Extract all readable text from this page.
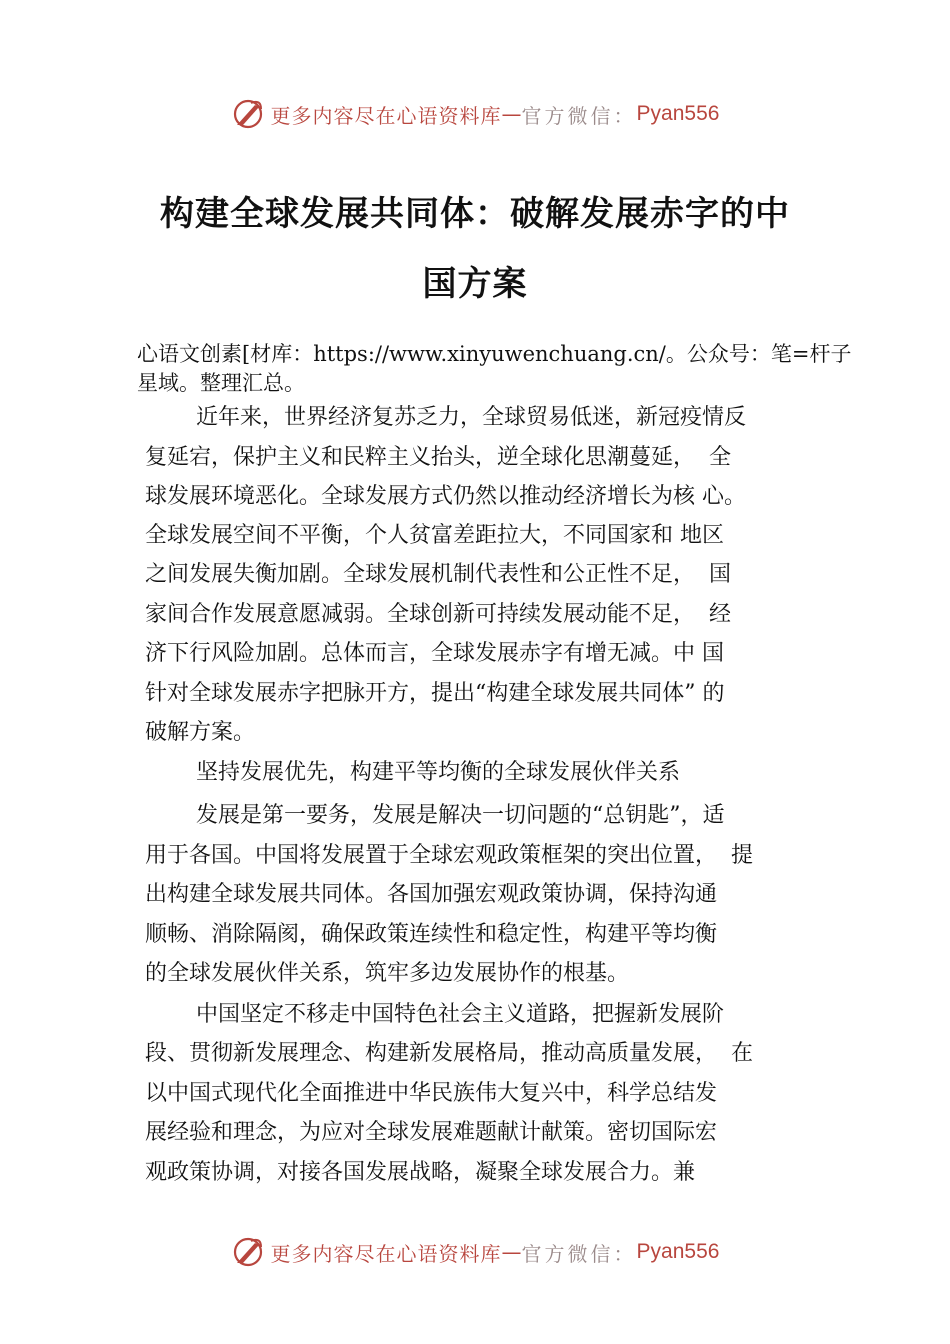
更多内容尽在心语资料库 — 官方微信： Pyan556
构建全球发展共同体：破解发展赤字的中
国方案
心语文创素[材库：https://www.xinyuwenchuang.cn/。公众号：笔=杆子星域。整理汇总。
近年来，世界经济复苏乏力，全球贸易低迷，新冠疫情反
复延宕，保护主义和民粹主义抬头，逆全球化思潮蔓延，  全
球发展环境恶化。全球发展方式仍然以推动经济增长为核 心。
全球发展空间不平衡，个人贫富差距拉大，不同国家和 地区
之间发展失衡加剧。全球发展机制代表性和公正性不足，  国
家间合作发展意愿减弱。全球创新可持续发展动能不足，  经
济下行风险加剧。总体而言，全球发展赤字有增无减。中 国
针对全球发展赤字把脉开方，提出“构建全球发展共同体” 的
破解方案。
坚持发展优先，构建平等均衡的全球发展伙伴关系
发展是第一要务，发展是解决一切问题的“总钥匙”，适
用于各国。中国将发展置于全球宏观政策框架的突出位置，  提
出构建全球发展共同体。各国加强宏观政策协调，保持沟通
顺畅、消除隔阂，确保政策连续性和稳定性，构建平等均衡
的全球发展伙伴关系，筑牢多边发展协作的根基。
中国坚定不移走中国特色社会主义道路，把握新发展阶
段、贯彻新发展理念、构建新发展格局，推动高质量发展，  在
以中国式现代化全面推进中华民族伟大复兴中，科学总结发
展经验和理念，为应对全球发展难题献计献策。密切国际宏
观政策协调，对接各国发展战略，凝聚全球发展合力。兼
更多内容尽在心语资料库 — 官方微信： Pyan556
